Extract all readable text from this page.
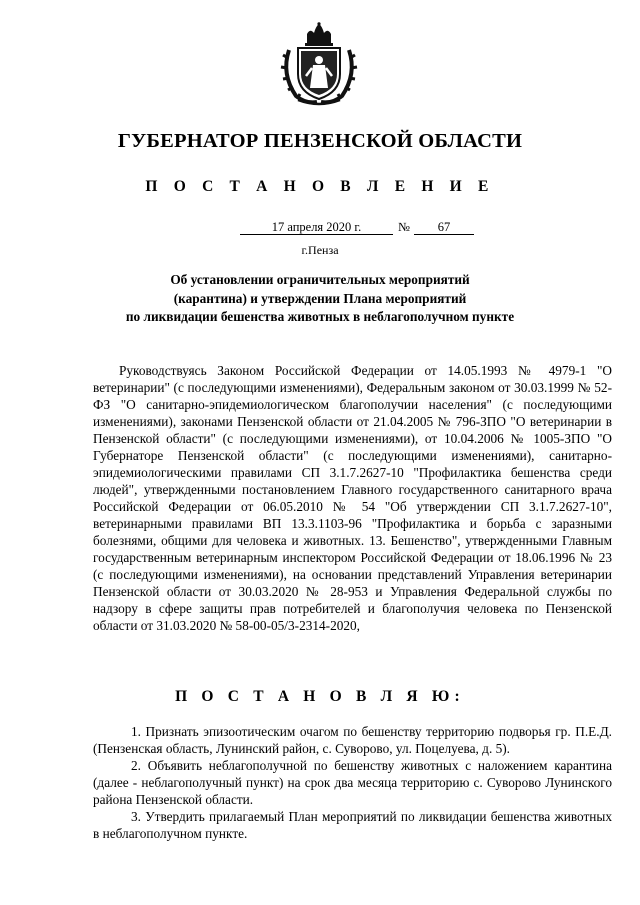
ГУБЕРНАТОР ПЕНЗЕНСКОЙ ОБЛАСТИ
П О С Т А Н О В Л Е Н И Е
17 апреля 2020 г.	№	67
г.Пенза
Об установлении ограничительных мероприятий
(карантина) и утверждении Плана мероприятий
по ликвидации бешенства животных в неблагополучном пункте

Руководствуясь Законом Российской Федерации от 14.05.1993 № 4979-1 "О ветеринарии" (с последующими изменениями), Федеральным законом от 30.03.1999 № 52-ФЗ "О санитарно-эпидемиологическом благополучии населения" (с последующими изменениями), законами Пензенской области от 21.04.2005 № 796-ЗПО "О ветеринарии в Пензенской области" (с последующими изменениями), от 10.04.2006 № 1005-ЗПО "О Губернаторе Пензенской области" (с последующими изменениями), санитарно-эпидемиологическими правилами СП 3.1.7.2627-10 "Профилактика бешенства среди людей", утвержденными постановлением Главного государственного санитарного врача Российской Федерации от 06.05.2010 № 54 "Об утверждении СП 3.1.7.2627-10", ветеринарными правилами ВП 13.3.1103-96 "Профилактика и борьба с заразными болезнями, общими для человека и животных. 13. Бешенство", утвержденными Главным государственным ветеринарным инспектором Российской Федерации от 18.06.1996 № 23 (с последующими изменениями), на основании представлений Управления ветеринарии Пензенской области от 30.03.2020 № 28-953 и Управления Федеральной службы по надзору в сфере защиты прав потребителей и благополучия человека по Пензенской области от 31.03.2020 № 58-00-05/3-2314-2020,

П О С Т А Н О В Л Я Ю:

1. Признать эпизоотическим очагом по бешенству территорию подворья гр. П.Е.Д. (Пензенская область, Лунинский район, с. Суворово, ул. Поцелуева, д. 5).

2. Объявить неблагополучной по бешенству животных с наложением карантина (далее - неблагополучный пункт) на срок два месяца территорию с. Суворово Лунинского района Пензенской области.

3. Утвердить прилагаемый План мероприятий по ликвидации бешенства животных в неблагополучном пункте.
